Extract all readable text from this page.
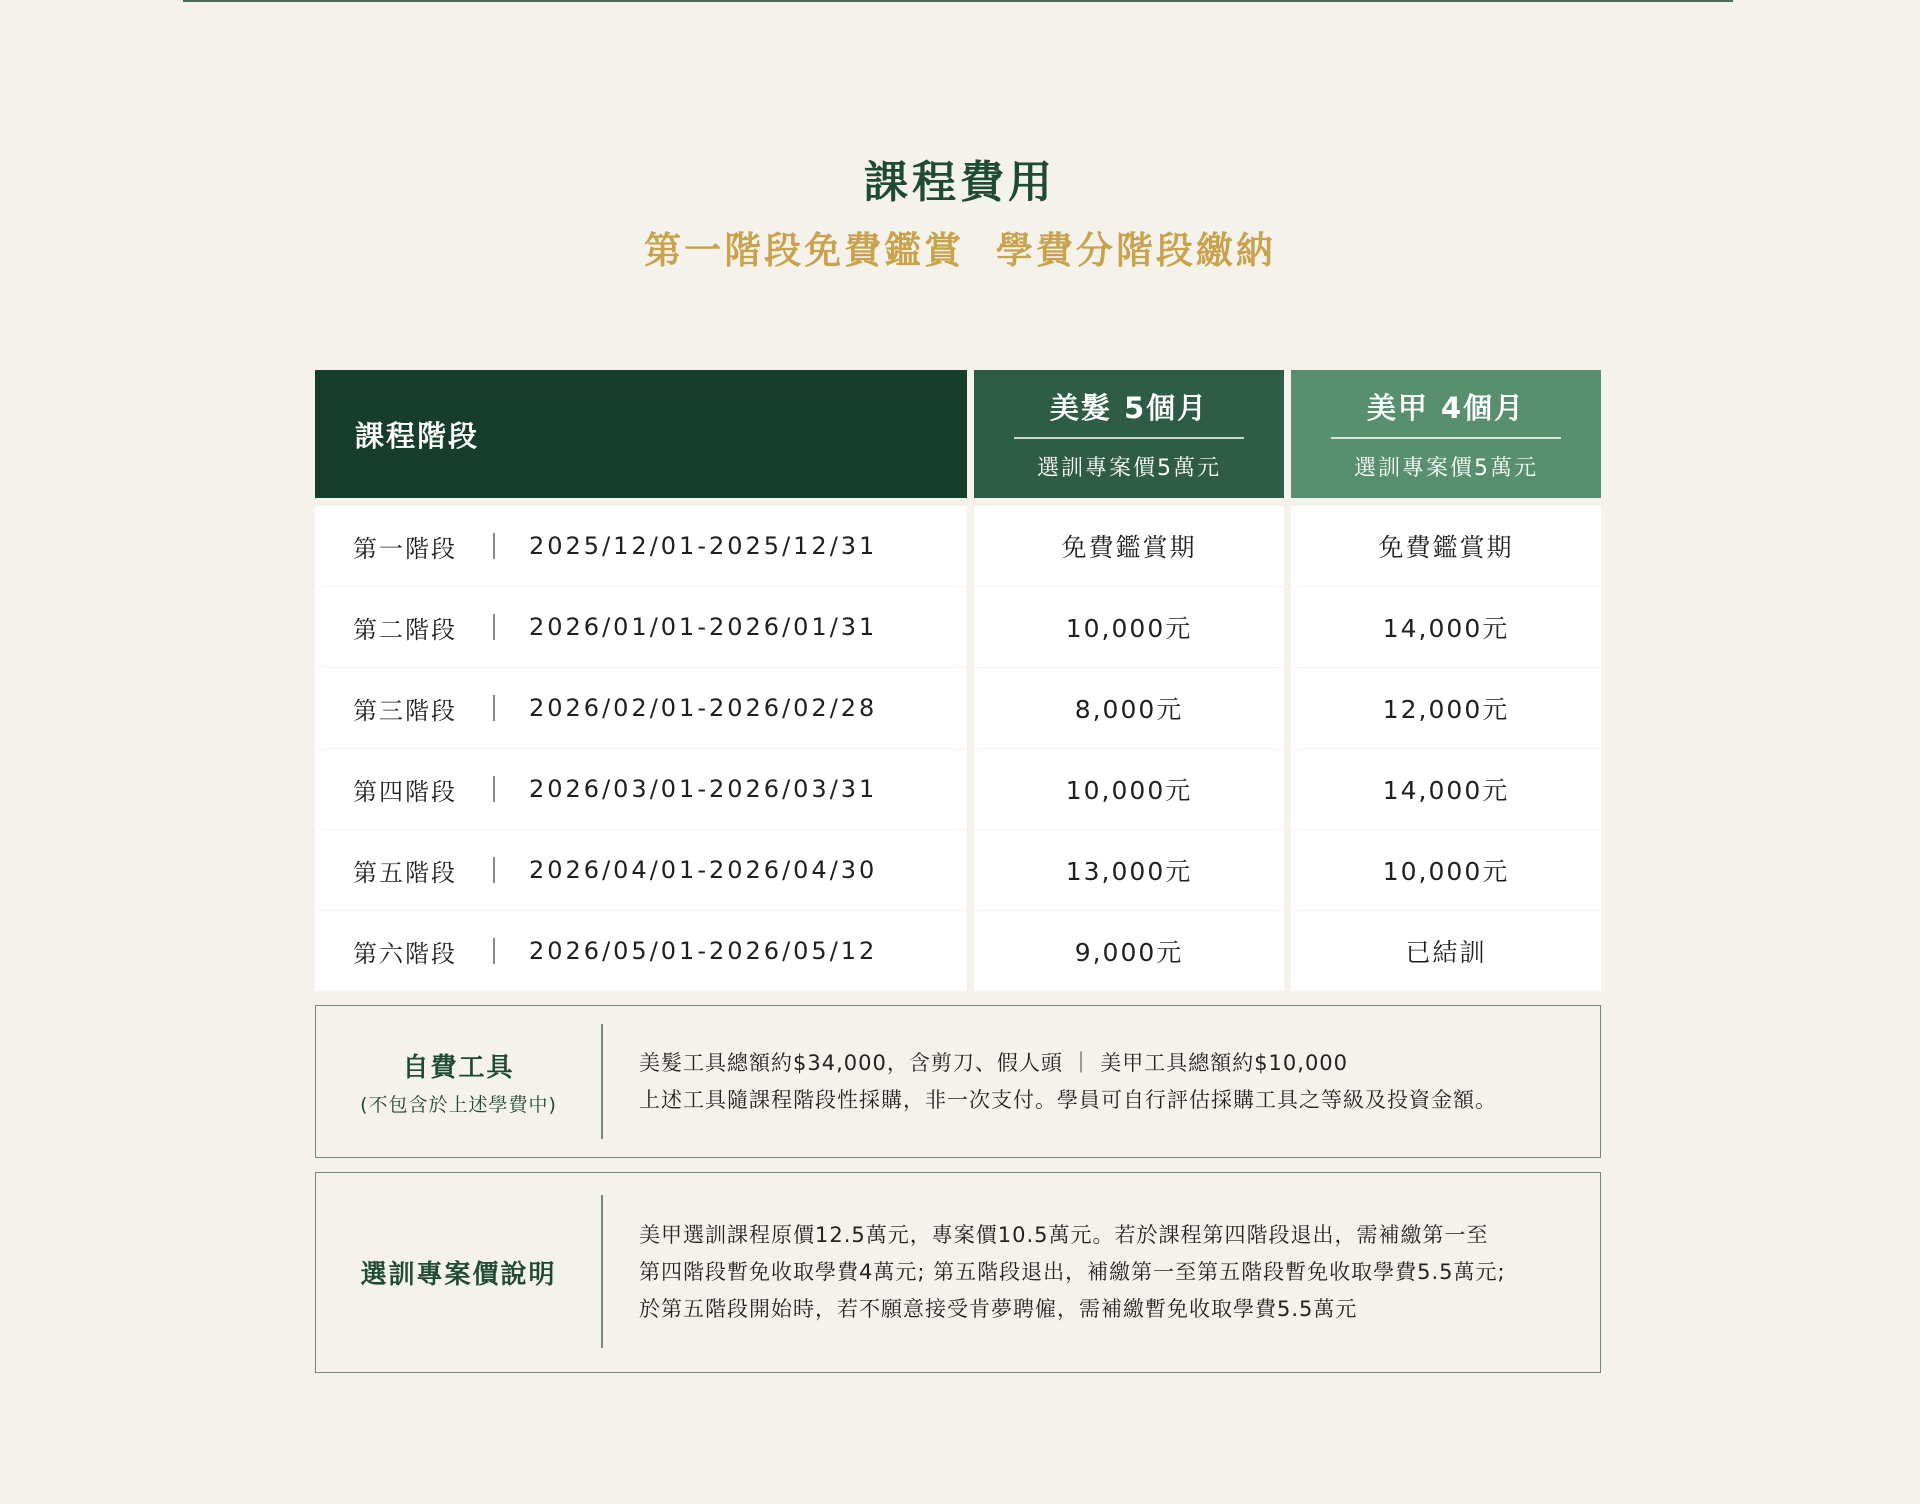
課程費用
第一階段免費鑑賞  學費分階段繳納
課程階段
美髮 5個月
選訓專案價5萬元
美甲 4個月
選訓專案價5萬元
第一階段	2025/12/01-2025/12/31	免費鑑賞期	免費鑑賞期
第二階段	2026/01/01-2026/01/31	10,000元	14,000元
第三階段	2026/02/01-2026/02/28	8,000元	12,000元
第四階段	2026/03/01-2026/03/31	10,000元	14,000元
第五階段	2026/04/01-2026/04/30	13,000元	10,000元
第六階段	2026/05/01-2026/05/12	9,000元	已結訓
自費工具
(不包含於上述學費中)

美髮工具總額約$34,000，含剪刀、假人頭 ｜ 美甲工具總額約$10,000

上述工具隨課程階段性採購，非一次支付。學員可自行評估採購工具之等級及投資金額。

選訓專案價說明

美甲選訓課程原價12.5萬元，專案價10.5萬元。若於課程第四階段退出，需補繳第一至

第四階段暫免收取學費4萬元; 第五階段退出，補繳第一至第五階段暫免收取學費5.5萬元;

於第五階段開始時，若不願意接受肯夢聘僱，需補繳暫免收取學費5.5萬元
